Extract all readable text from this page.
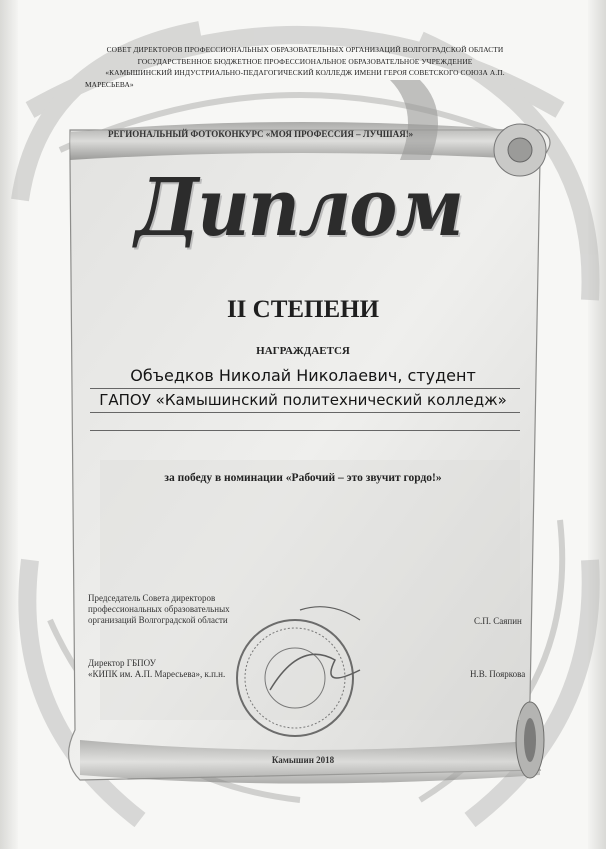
СОВЕТ ДИРЕКТОРОВ ПРОФЕССИОНАЛЬНЫХ ОБРАЗОВАТЕЛЬНЫХ ОРГАНИЗАЦИЙ ВОЛГОГРАДСКОЙ ОБЛАСТИ
ГОСУДАРСТВЕННОЕ БЮДЖЕТНОЕ ПРОФЕССИОНАЛЬНОЕ ОБРАЗОВАТЕЛЬНОЕ УЧРЕЖДЕНИЕ
«КАМЫШИНСКИЙ ИНДУСТРИАЛЬНО-ПЕДАГОГИЧЕСКИЙ КОЛЛЕДЖ ИМЕНИ ГЕРОЯ СОВЕТСКОГО СОЮЗА А.П.
МАРЕСЬЕВА»
РЕГИОНАЛЬНЫЙ ФОТОКОНКУРС «МОЯ ПРОФЕССИЯ – ЛУЧШАЯ!»
Диплом
II СТЕПЕНИ
НАГРАЖДАЕТСЯ
Объедков Николай Николаевич, студент
ГАПОУ «Камышинский политехнический колледж»
за победу в номинации «Рабочий – это звучит гордо!»
Председатель Совета директоров
профессиональных образовательных
организаций Волгоградской области	С.П. Саяпин
Директор ГБПОУ
«КИПК им. А.П. Маресьева», к.п.н.	Н.В. Пояркова
Камышин 2018
